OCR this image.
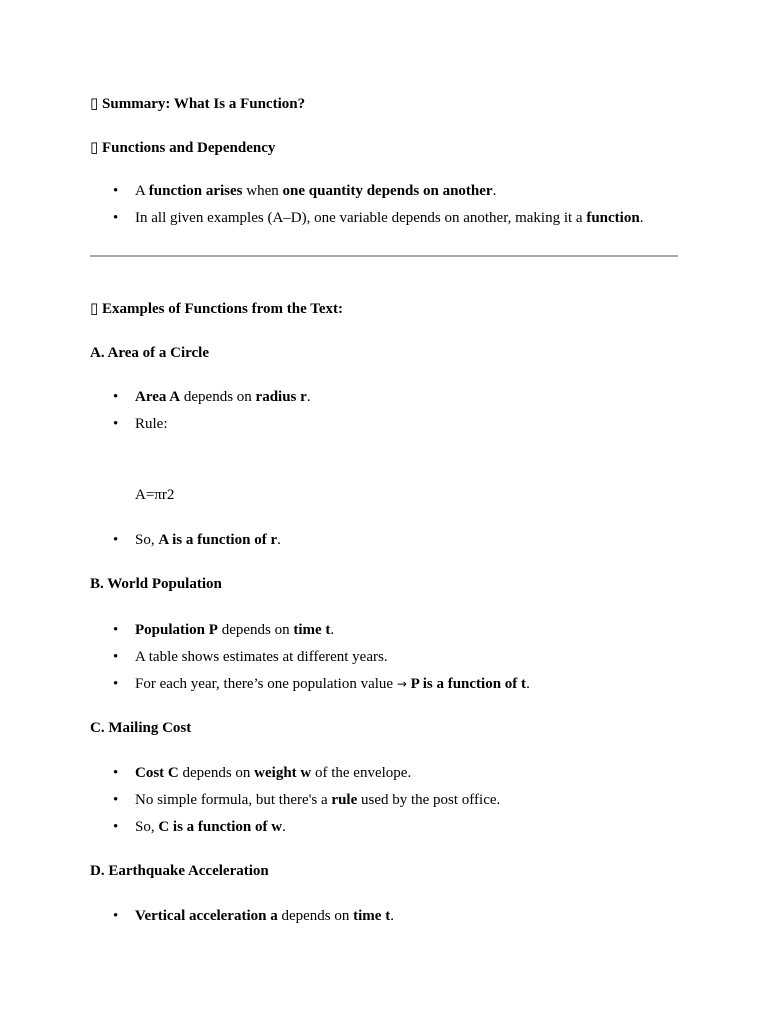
▯ Summary: What Is a Function?
▯ Functions and Dependency
•	A function arises when one quantity depends on another.
•	In all given examples (A–D), one variable depends on another, making it a function.
▯ Examples of Functions from the Text:
A. Area of a Circle
•	Area A depends on radius r.
•	Rule:
A=πr2
•	So, A is a function of r.
B. World Population
•	Population P depends on time t.
•	A table shows estimates at different years.
•	For each year, there’s one population value → P is a function of t.
C. Mailing Cost
•	Cost C depends on weight w of the envelope.
•	No simple formula, but there's a rule used by the post office.
•	So, C is a function of w.
D. Earthquake Acceleration
•	Vertical acceleration a depends on time t.
